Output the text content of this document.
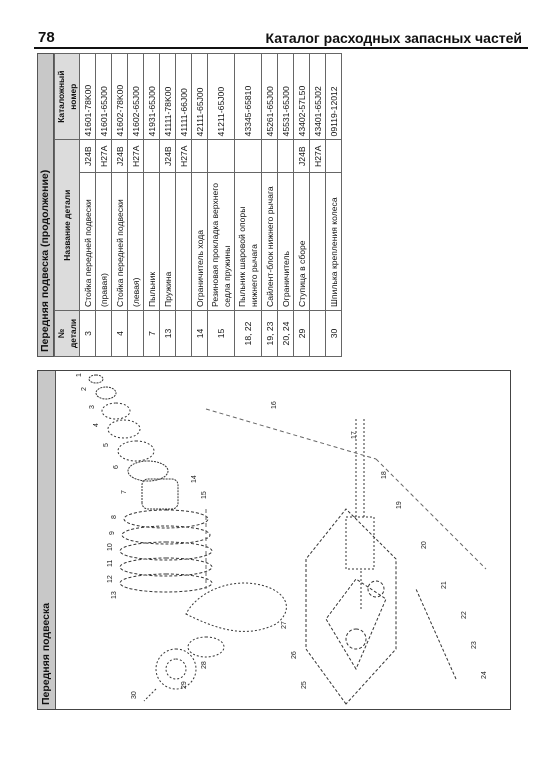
78	Каталог расходных запасных частей
Передняя подвеска (продолжение) № детали	Название детали		Каталожный номер
3	Стойка передней подвески	J24B	41601-78K00
	(правая)	H27A	41601-65J00
4	Стойка передней подвески	J24B	41602-78K00
	(левая)	H27A	41602-65J00
7	Пыльник		41931-65J00
13	Пружина	J24B	41111-78K00
		H27A	41111-66J00
14	Ограничитель хода		42111-65J00
15	Резиновая прокладка верхнего седла пружины		41211-65J00
18, 22	Пыльник шаровой опоры нижнего рычага		43345-65810
19, 23	Сайлент-блок нижнего рычага		45261-65J00
20, 24	Ограничитель		45531-65J00
29	Ступица в сборе	J24B	43402-57L50
		H27A	43401-65J02
30	Шпилька крепления колеса		09119-12012
Передняя подвеска
1
2
3
4
5
6
7
8
9
10
11
12
13
14
15
16
17
18
19
20
21
22
23
24
25
26
27
28
29
30
